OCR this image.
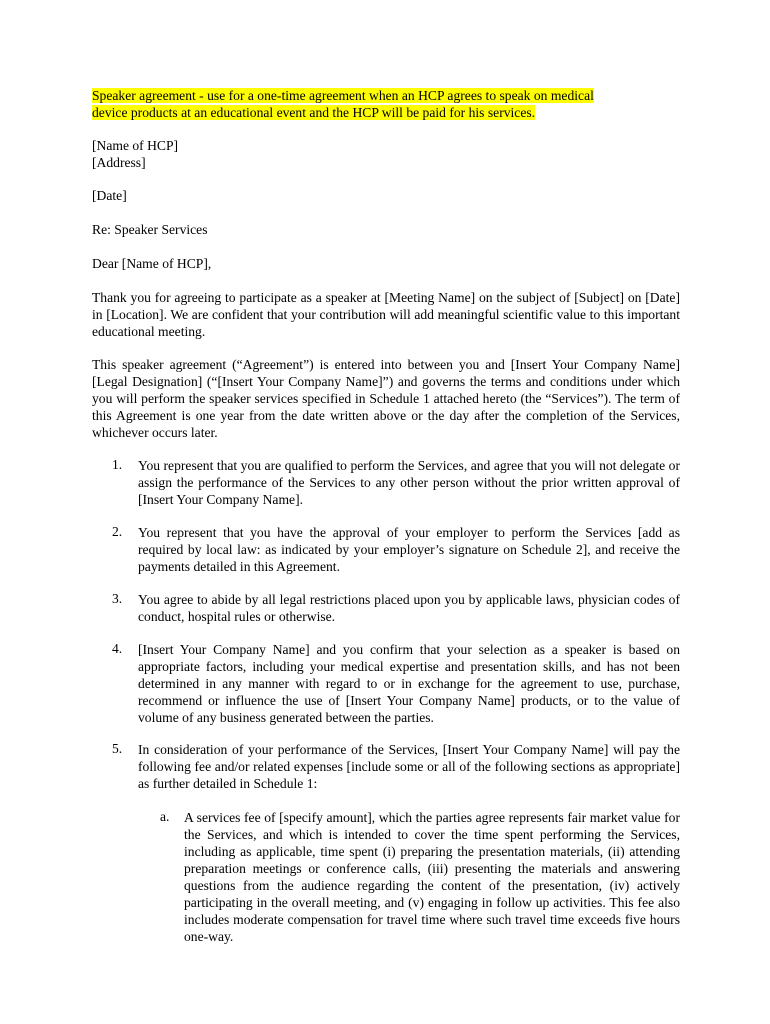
Speaker agreement - use for a one-time agreement when an HCP agrees to speak on medical
device products at an educational event and the HCP will be paid for his services.
[Name of HCP]
[Address]
[Date]
Re: Speaker Services
Dear [Name of HCP],
Thank you for agreeing to participate as a speaker at [Meeting Name] on the subject of [Subject] on [Date] in [Location]. We are confident that your contribution will add meaningful scientific value to this important educational meeting.
This speaker agreement (“Agreement”) is entered into between you and [Insert Your Company Name] [Legal Designation] (“[Insert Your Company Name]”) and governs the terms and conditions under which you will perform the speaker services specified in Schedule 1 attached hereto (the “Services”). The term of this Agreement is one year from the date written above or the day after the completion of the Services, whichever occurs later.
1.	You represent that you are qualified to perform the Services, and agree that you will not delegate or assign the performance of the Services to any other person without the prior written approval of [Insert Your Company Name].
2.	You represent that you have the approval of your employer to perform the Services [add as required by local law: as indicated by your employer’s signature on Schedule 2], and receive the payments detailed in this Agreement.
3.	You agree to abide by all legal restrictions placed upon you by applicable laws, physician codes of conduct, hospital rules or otherwise.
4.	[Insert Your Company Name] and you confirm that your selection as a speaker is based on appropriate factors, including your medical expertise and presentation skills, and has not been determined in any manner with regard to or in exchange for the agreement to use, purchase, recommend or influence the use of [Insert Your Company Name] products, or to the value of volume of any business generated between the parties.
5.	In consideration of your performance of the Services, [Insert Your Company Name] will pay the following fee and/or related expenses [include some or all of the following sections as appropriate] as further detailed in Schedule 1:
a. A services fee of [specify amount], which the parties agree represents fair market value for the Services, and which is intended to cover the time spent performing the Services, including as applicable, time spent (i) preparing the presentation materials, (ii) attending preparation meetings or conference calls, (iii) presenting the materials and answering questions from the audience regarding the content of the presentation, (iv) actively participating in the overall meeting, and (v) engaging in follow up activities. This fee also includes moderate compensation for travel time where such travel time exceeds five hours one-way.
